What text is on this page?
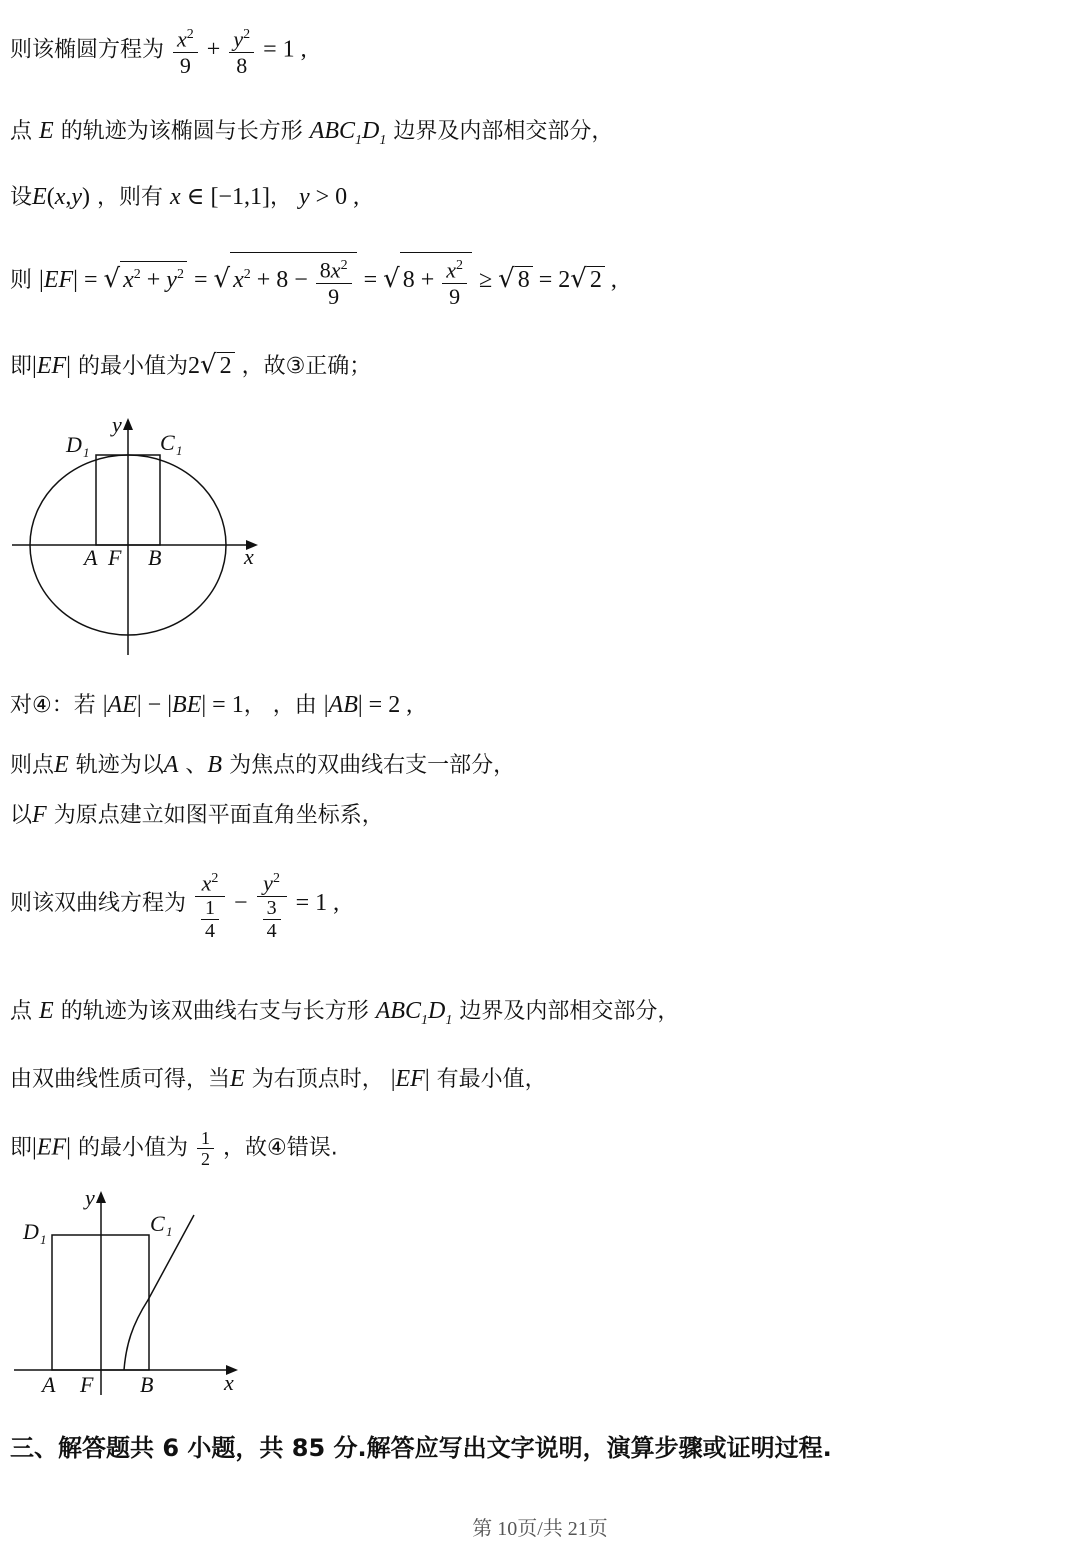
则该椭圆方程为 $\frac{x^2}{9} + \frac{y^2}{8} = 1$ ,
点 E 的轨迹为该椭圆与长方形 $ABC_1D_1$ 边界及内部相交部分，
设E(x,y) ，则有 x ∈ [−1,1]， y > 0 ,
则 |EF| = √ $x^2 + y^2$ = √ $x^2 + 8 - \frac{8x^2}{9}$ = √ $8 + \frac{x^2}{9}$ ≥ √ 8 = 2√ 2 ,
即|EF| 的最小值为2√ 2 ，故③正确；
y
x
D 1	C 1
A F B
对④：若 |AE| − |BE| = 1， ，由 |AB| = 2 ,
则点E 轨迹为以A 、B 为焦点的双曲线右支一部分，
以F 为原点建立如图平面直角坐标系，
则该双曲线方程为 $\frac{x^2}{\frac{1}{4}} - \frac{y^2}{\frac{3}{4}} = 1$ ,
点 E 的轨迹为该双曲线右支与长方形 $ABC_1D_1$ 边界及内部相交部分，
由双曲线性质可得，当E 为右顶点时， |EF| 有最小值，
即|EF| 的最小值为 $\frac{1}{2}$ ，故④错误.
y
x
D 1
C 1
A F B
三、解答题共 6 小题，共 85 分.解答应写出文字说明，演算步骤或证明过程.
第 10页/共 21页
